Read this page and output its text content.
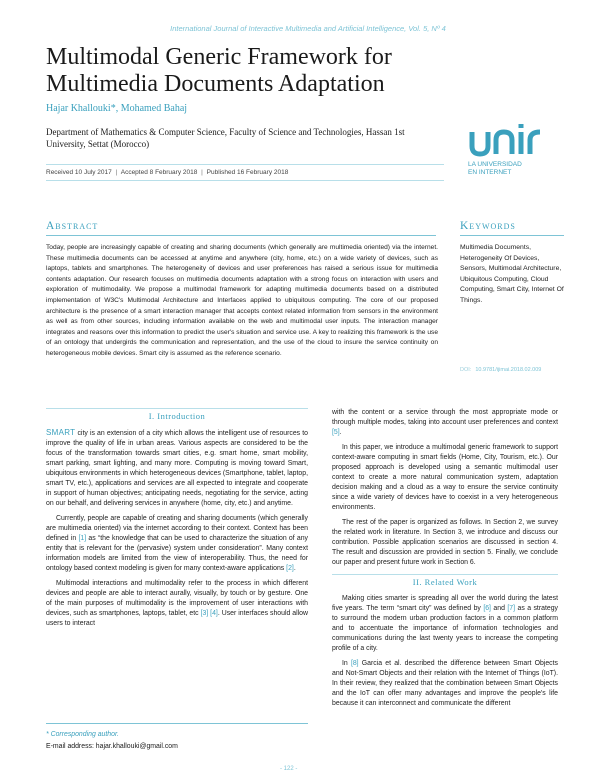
International Journal of Interactive Multimedia and Artificial Intelligence, Vol. 5, Nº 4
Multimodal Generic Framework for Multimedia Documents Adaptation
Hajar Khallouki*, Mohamed Bahaj
Department of Mathematics & Computer Science, Faculty of Science and Technologies, Hassan 1st University, Settat (Morocco)
LA UNIVERSIDAD
EN INTERNET
Received 10 July 2017 | Accepted 8 February 2018 | Published 16 February 2018
Abstract	Keywords
Today, people are increasingly capable of creating and sharing documents (which generally are multimedia oriented) via the internet. These multimedia documents can be accessed at anytime and anywhere (city, home, etc.) on a wide variety of devices, such as laptops, tablets and smartphones. The heterogeneity of devices and user preferences has raised a serious issue for multimedia contents adaptation. Our research focuses on multimedia documents adaptation with a strong focus on interaction with users and exploration of multimodality. We propose a multimodal framework for adapting multimedia documents based on a distributed implementation of W3C's Multimodal Architecture and Interfaces applied to ubiquitous computing. The core of our proposed architecture is the presence of a smart interaction manager that accepts context related information from sensors in the environment as well as from other sources, including information available on the web and multimodal user inputs. The interaction manager integrates and reasons over this information to predict the user's situation and service use. A key to realizing this framework is the use of an ontology that undergirds the communication and representation, and the use of the cloud to insure the service continuity on heterogeneous mobile devices. Smart city is assumed as the reference scenario.
Multimedia Documents, Heterogeneity Of Devices, Sensors, Multimodal Architecture, Ubiquitous Computing, Cloud Computing, Smart City, Internet Of Things.
DOI: 10.9781/ijimai.2018.02.009
I. Introduction

SMART city is an extension of a city which allows the intelligent use of resources to improve the quality of life in urban areas. Various aspects are considered to be the focus of the transformation towards smart cities, e.g. smart home, smart mobility, smart parking, smart lighting, and many more. Computing is moving toward Smart, ubiquitous environments in which heterogeneous devices (Smartphone, tablet, laptop, smart TV, etc.), applications and services are all expected to integrate and cooperate in support of human objectives; anticipating needs, negotiating for the service, acting on our behalf, and delivering services in anywhere (home, city, etc.) and anytime.

Currently, people are capable of creating and sharing documents (which generally are multimedia oriented) via the internet according to their context. Context has been defined in [1] as “the knowledge that can be used to characterize the situation of any entity that is relevant for the (pervasive) system under consideration”. Many context information models are limited from the view of interoperability. Thus, the need for ontology based context modeling is given for many context-aware applications [2].

Multimodal interactions and multimodality refer to the process in which different devices and people are able to interact aurally, visually, by touch or by gesture. One of the main purposes of multimodality is the improvement of user interactions with devices, such as smartphones, laptops, tablet, etc [3] [4]. User interfaces should allow users to interact

with the content or a service through the most appropriate mode or through multiple modes, taking into account user preferences and context [5].

In this paper, we introduce a multimodal generic framework to support context-aware computing in smart fields (Home, City, Tourism, etc.). Our proposed approach is developed using a semantic multimodal user context to create a more natural communication system, adaptation decision making and a cloud as a way to ensure the service continuity since a wide variety of devices have to coexist in a very heterogeneous environments.

The rest of the paper is organized as follows. In Section 2, we survey the related work in literature. In Section 3, we introduce and discuss our contribution. Possible application scenarios are discussed in section 4. The result and discussion are provided in section 5. Finally, we conclude our paper and present future work in Section 6.

II. Related Work

Making cities smarter is spreading all over the world during the latest five years. The term “smart city” was defined by [6] and [7] as a strategy to surround the modern urban production factors in a common platform and to accentuate the importance of information technologies and communications during the last twenty years to increase the competing profile of a city.

In [8] Garcia et al. described the difference between Smart Objects and Not-Smart Objects and their relation with the Internet of Things (IoT). In their review, they realized that the combination between Smart Objects and the IoT can offer many advantages and improve the people's life because it can interconnect and communicate the different

* Corresponding author.
E-mail address: hajar.khallouki@gmail.com
- 122 -
